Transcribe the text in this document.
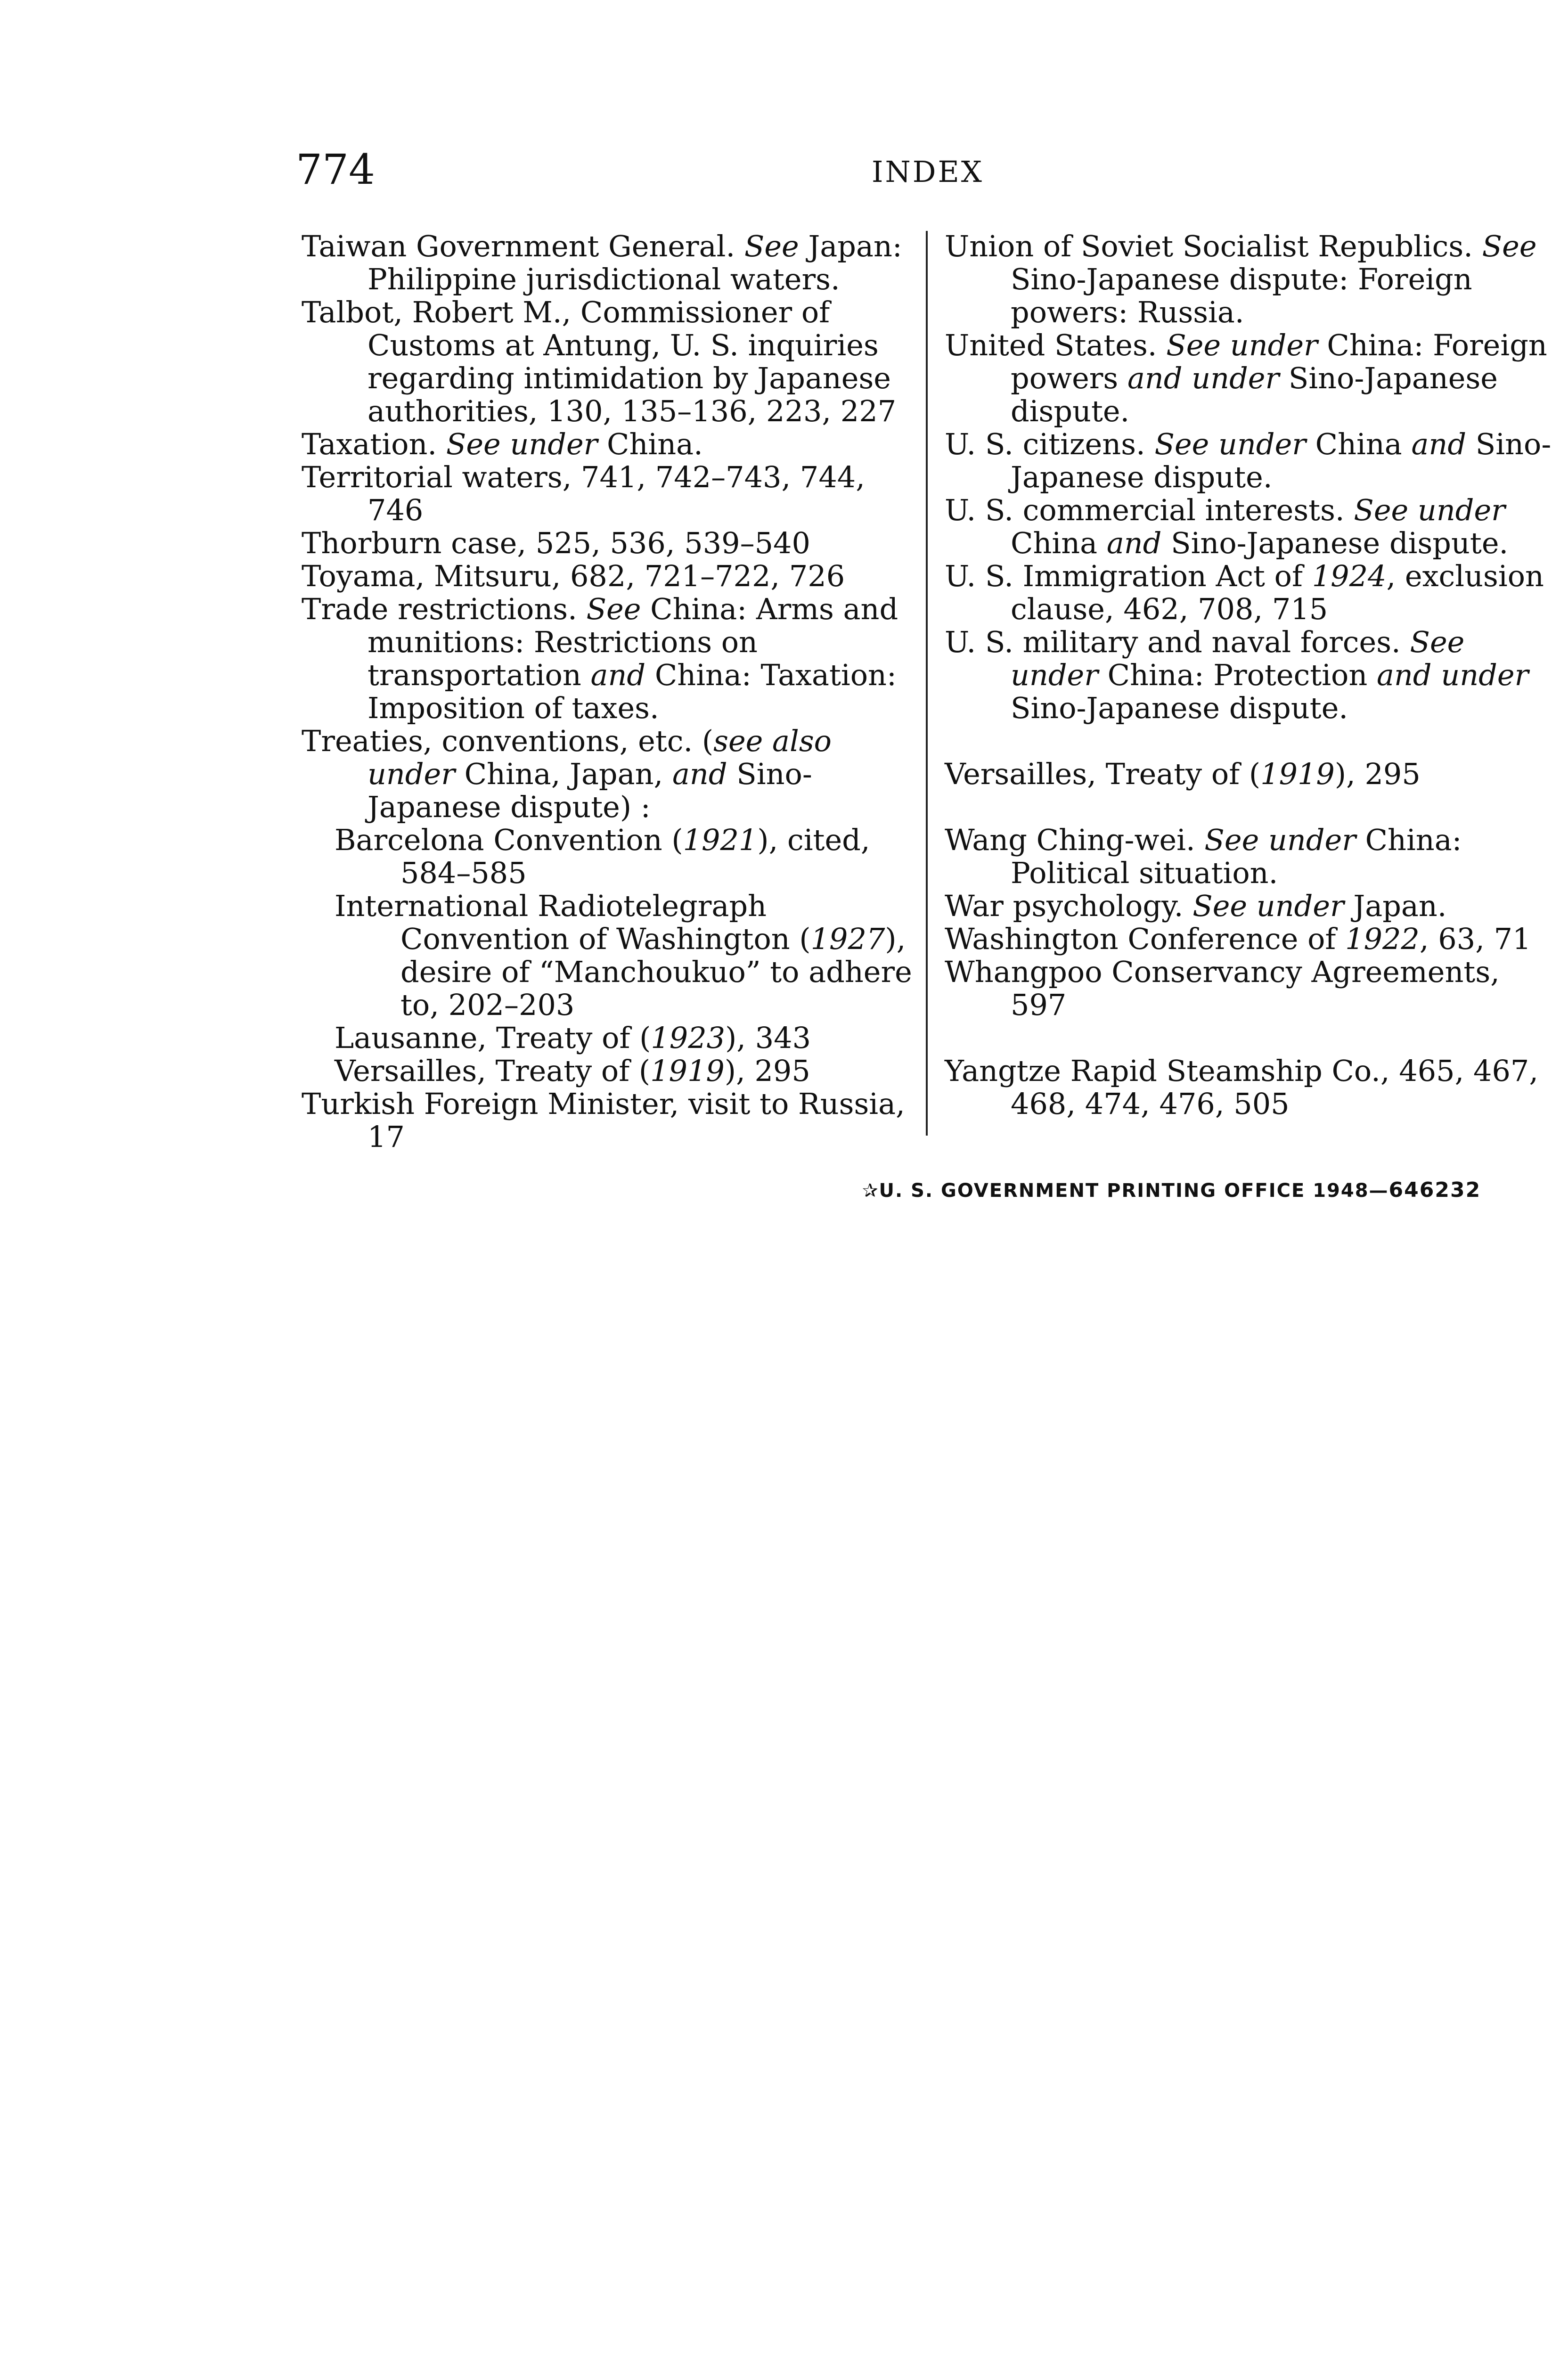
774	INDEX

Taiwan Government General. See Japan: Philippine jurisdictional waters.

Talbot, Robert M., Commissioner of Customs at Antung, U. S. inquiries regarding intimidation by Japanese authorities, 130, 135–136, 223, 227

Taxation. See under China.

Territorial waters, 741, 742–743, 744, 746

Thorburn case, 525, 536, 539–540

Toyama, Mitsuru, 682, 721–722, 726

Trade restrictions. See China: Arms and munitions: Restrictions on transportation and China: Taxation: Imposition of taxes.

Treaties, conventions, etc. (see also under China, Japan, and Sino-Japanese dispute) :

Barcelona Convention (1921), cited, 584–585

International Radiotelegraph Convention of Washington (1927), desire of “Manchoukuo” to adhere to, 202–203

Lausanne, Treaty of (1923), 343

Versailles, Treaty of (1919), 295

Turkish Foreign Minister, visit to Russia, 17

Union of Soviet Socialist Republics. See Sino-Japanese dispute: Foreign powers: Russia.

United States. See under China: Foreign powers and under Sino-Japanese dispute.

U. S. citizens. See under China and Sino-Japanese dispute.

U. S. commercial interests. See under China and Sino-Japanese dispute.

U. S. Immigration Act of 1924, exclusion clause, 462, 708, 715

U. S. military and naval forces. See under China: Protection and under Sino-Japanese dispute.

Versailles, Treaty of (1919), 295

Wang Ching-wei. See under China: Political situation.

War psychology. See under Japan.

Washington Conference of 1922, 63, 71

Whangpoo Conservancy Agreements, 597

Yangtze Rapid Steamship Co., 465, 467, 468, 474, 476, 505

✰U. S. GOVERNMENT PRINTING OFFICE 1948—646232
